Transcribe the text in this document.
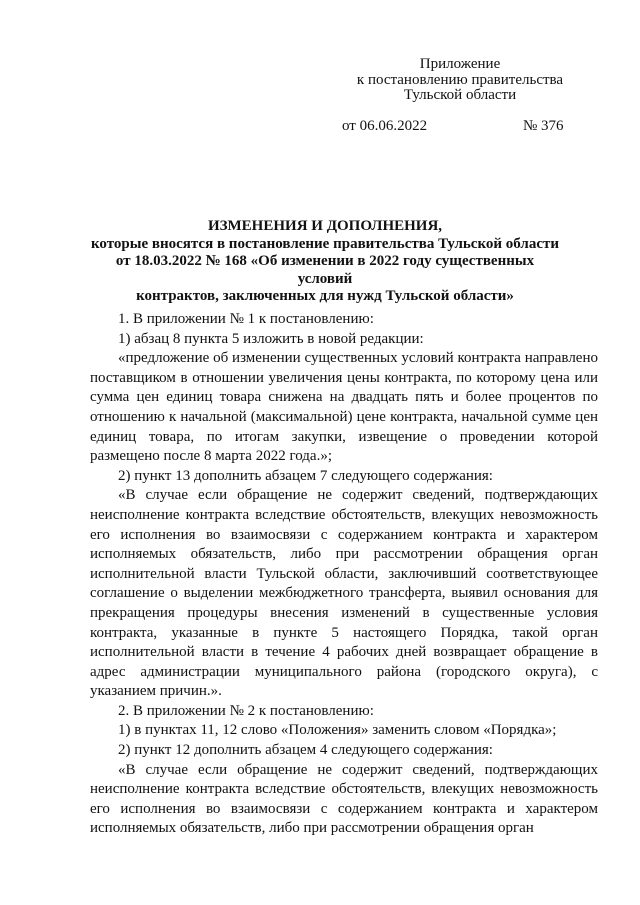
Приложение
к постановлению правительства
Тульской области
от 06.06.2022	№ 376
ИЗМЕНЕНИЯ И ДОПОЛНЕНИЯ,
которые вносятся в постановление правительства Тульской области
от 18.03.2022 № 168 «Об изменении в 2022 году существенных условий
контрактов, заключенных для нужд Тульской области»

1. В приложении № 1 к постановлению:

1) абзац 8 пункта 5 изложить в новой редакции:

«предложение об изменении существенных условий контракта направлено поставщиком в отношении увеличения цены контракта, по которому цена или сумма цен единиц товара снижена на двадцать пять и более процентов по отношению к начальной (максимальной) цене контракта, начальной сумме цен единиц товара, по итогам закупки, извещение о проведении которой размещено после 8 марта 2022 года.»;

2) пункт 13 дополнить абзацем 7 следующего содержания:

«В случае если обращение не содержит сведений, подтверждающих неисполнение контракта вследствие обстоятельств, влекущих невозможность его исполнения во взаимосвязи с содержанием контракта и характером исполняемых обязательств, либо при рассмотрении обращения орган исполнительной власти Тульской области, заключивший соответствующее соглашение о выделении межбюджетного трансферта, выявил основания для прекращения процедуры внесения изменений в существенные условия контракта, указанные в пункте 5 настоящего Порядка, такой орган исполнительной власти в течение 4 рабочих дней возвращает обращение в адрес администрации муниципального района (городского округа), с указанием причин.».

2. В приложении № 2 к постановлению:

1) в пунктах 11, 12 слово «Положения» заменить словом «Порядка»;

2) пункт 12 дополнить абзацем 4 следующего содержания:

«В случае если обращение не содержит сведений, подтверждающих неисполнение контракта вследствие обстоятельств, влекущих невозможность его исполнения во взаимосвязи с содержанием контракта и характером исполняемых обязательств, либо при рассмотрении обращения орган
